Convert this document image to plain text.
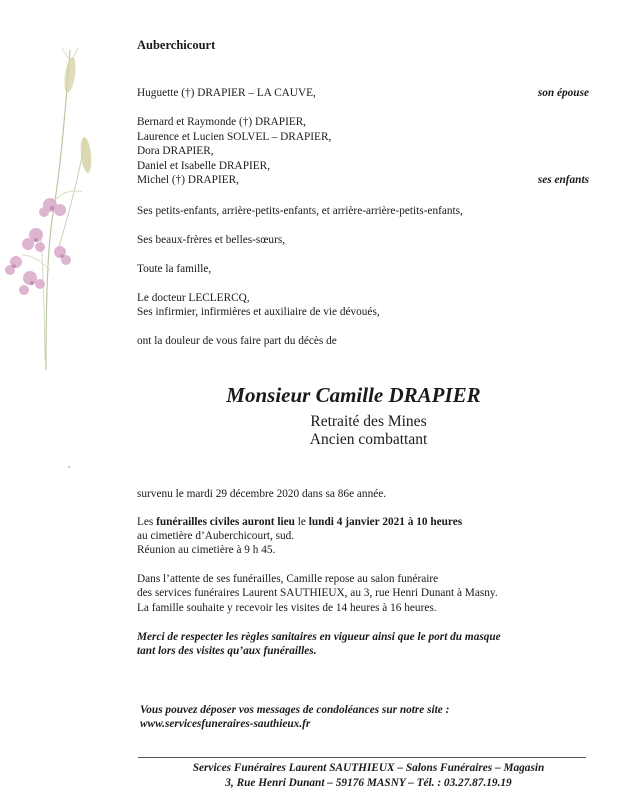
Auberchicourt
Huguette (†) DRAPIER – LA CAUVE,	son épouse
Bernard et Raymonde (†) DRAPIER,
Laurence et Lucien SOLVEL – DRAPIER,
Dora DRAPIER,
Daniel et Isabelle DRAPIER,
Michel (†) DRAPIER,	ses enfants
Ses petits-enfants, arrière-petits-enfants, et arrière-arrière-petits-enfants,
Ses beaux-frères et belles-sœurs,
Toute la famille,
Le docteur LECLERCQ,
Ses infirmier, infirmières et auxiliaire de vie dévoués,
ont la douleur de vous faire part du décès de
Monsieur Camille DRAPIER
Retraité des Mines
Ancien combattant
survenu le mardi 29 décembre 2020 dans sa 86e année.
Les funérailles civiles auront lieu le lundi 4 janvier 2021 à 10 heures
au cimetière d’Auberchicourt, sud.
Réunion au cimetière à 9 h 45.
Dans l’attente de ses funérailles, Camille repose au salon funéraire
des services funéraires Laurent SAUTHIEUX, au 3, rue Henri Dunant à Masny.
La famille souhaite y recevoir les visites de 14 heures à 16 heures.
Merci de respecter les règles sanitaires en vigueur ainsi que le port du masque
tant lors des visites qu’aux funérailles.
Vous pouvez déposer vos messages de condoléances sur notre site :
www.servicesfuneraires-sauthieux.fr
Services Funéraires Laurent SAUTHIEUX – Salons Funéraires – Magasin
3, Rue Henri Dunant – 59176 MASNY – Tél. : 03.27.87.19.19
